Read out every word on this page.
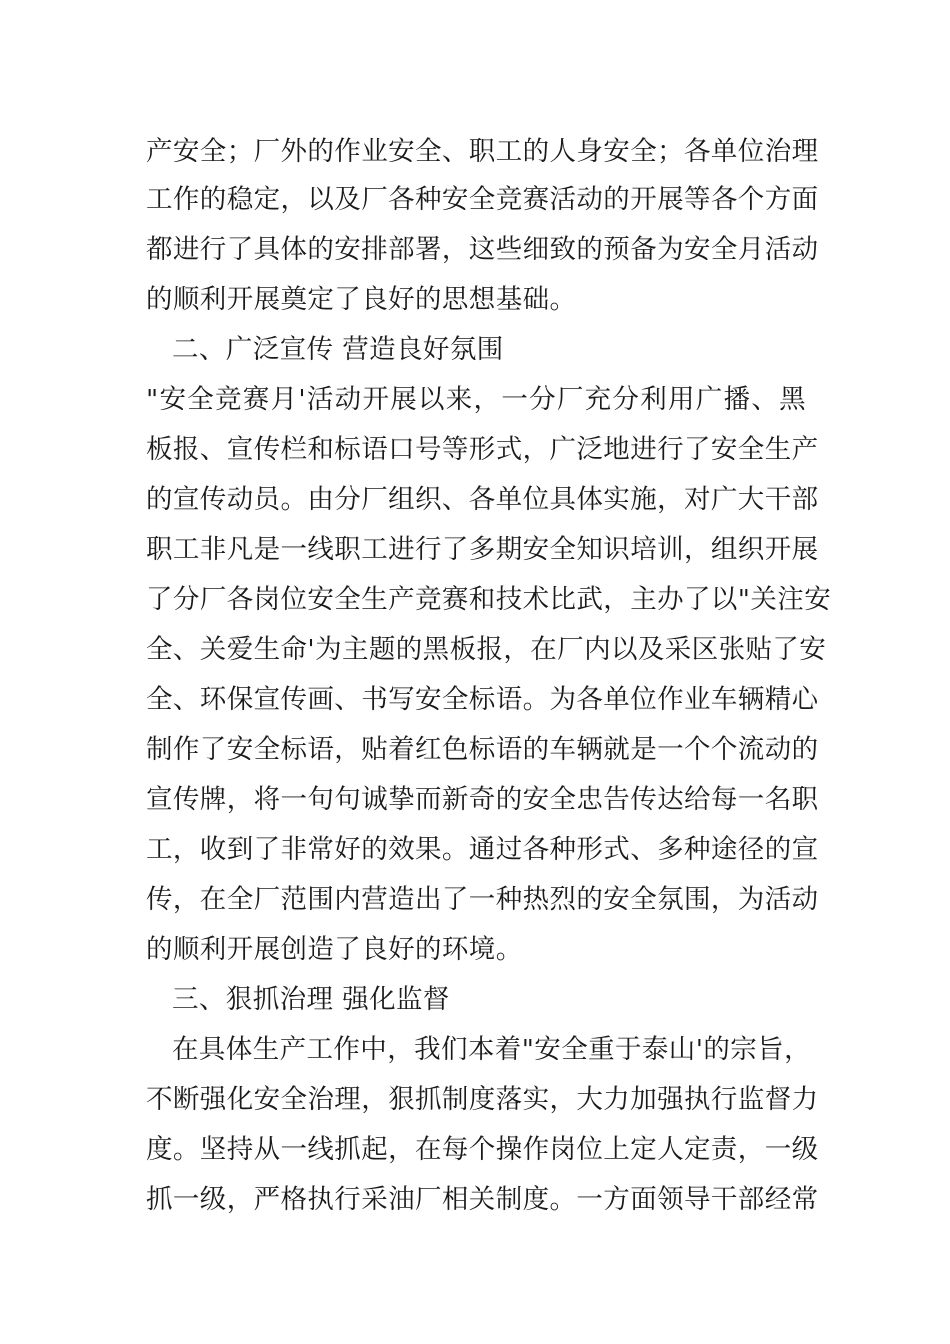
产安全；厂外的作业安全、职工的人身安全；各单位治理
工作的稳定，以及厂各种安全竞赛活动的开展等各个方面
都进行了具体的安排部署，这些细致的预备为安全月活动
的顺利开展奠定了良好的思想基础。
二、广泛宣传 营造良好氛围
"安全竞赛月'活动开展以来，一分厂充分利用广播、黑
板报、宣传栏和标语口号等形式，广泛地进行了安全生产
的宣传动员。由分厂组织、各单位具体实施，对广大干部
职工非凡是一线职工进行了多期安全知识培训，组织开展
了分厂各岗位安全生产竞赛和技术比武，主办了以"关注安
全、关爱生命'为主题的黑板报，在厂内以及采区张贴了安
全、环保宣传画、书写安全标语。为各单位作业车辆精心
制作了安全标语，贴着红色标语的车辆就是一个个流动的
宣传牌，将一句句诚挚而新奇的安全忠告传达给每一名职
工，收到了非常好的效果。通过各种形式、多种途径的宣
传，在全厂范围内营造出了一种热烈的安全氛围，为活动
的顺利开展创造了良好的环境。
三、狠抓治理 强化监督
在具体生产工作中，我们本着"安全重于泰山'的宗旨，
不断强化安全治理，狠抓制度落实，大力加强执行监督力
度。坚持从一线抓起，在每个操作岗位上定人定责，一级
抓一级，严格执行采油厂相关制度。一方面领导干部经常
